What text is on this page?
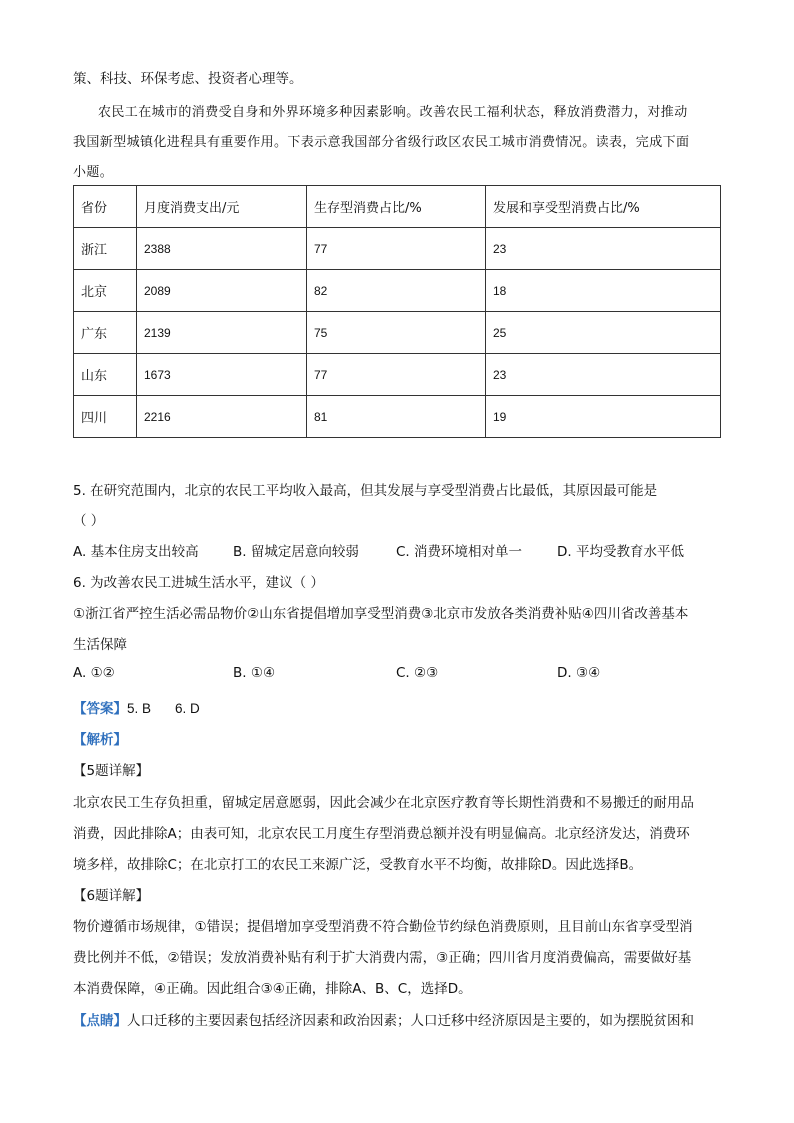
策、科技、环保考虑、投资者心理等。
农民工在城市的消费受自身和外界环境多种因素影响。改善农民工福利状态，释放消费潜力，对推动
我国新型城镇化进程具有重要作用。下表示意我国部分省级行政区农民工城市消费情况。读表，完成下面
小题。
省份	月度消费支出/元	生存型消费占比/%	发展和享受型消费占比/%
浙江	2388	77	23
北京	2089	82	18
广东	2139	75	25
山东	1673	77	23
四川	2216	81	19
5. 在研究范围内，北京的农民工平均收入最高，但其发展与享受型消费占比最低，其原因最可能是
（ ）
A. 基本住房支出较高	B. 留城定居意向较弱	C. 消费环境相对单一	D. 平均受教育水平低
6. 为改善农民工进城生活水平，建议（ ）
①浙江省严控生活必需品物价②山东省提倡增加享受型消费③北京市发放各类消费补贴④四川省改善基本
生活保障
A. ①②	B. ①④	C. ②③	D. ③④
【答案】5. B 6. D
【解析】
【5题详解】
北京农民工生存负担重，留城定居意愿弱，因此会减少在北京医疗教育等长期性消费和不易搬迁的耐用品
消费，因此排除A；由表可知，北京农民工月度生存型消费总额并没有明显偏高。北京经济发达，消费环
境多样，故排除C；在北京打工的农民工来源广泛，受教育水平不均衡，故排除D。因此选择B。
【6题详解】
物价遵循市场规律，①错误；提倡增加享受型消费不符合勤俭节约绿色消费原则，且目前山东省享受型消
费比例并不低，②错误；发放消费补贴有利于扩大消费内需，③正确；四川省月度消费偏高，需要做好基
本消费保障，④正确。因此组合③④正确，排除A、B、C，选择D。
【点睛】人口迁移的主要因素包括经济因素和政治因素；人口迁移中经济原因是主要的，如为摆脱贫困和
